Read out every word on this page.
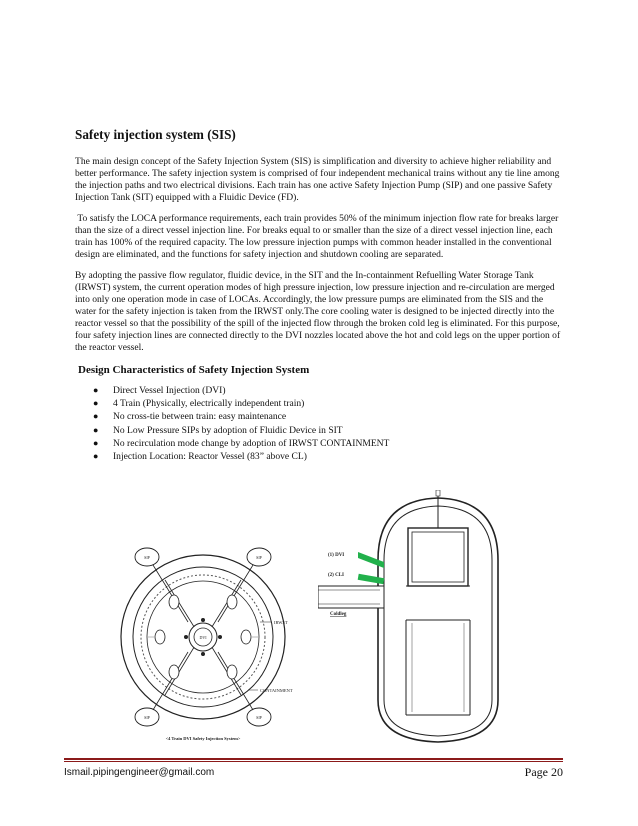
Safety injection system (SIS)

The main design concept of the Safety Injection System (SIS) is simplification and diversity to achieve higher reliability and better performance. The safety injection system is comprised of four independent mechanical trains without any tie line among the injection paths and two electrical divisions. Each train has one active Safety Injection Pump (SIP) and one passive Safety Injection Tank (SIT) equipped with a Fluidic Device (FD).

To satisfy the LOCA performance requirements, each train provides 50% of the minimum injection flow rate for breaks larger than the size of a direct vessel injection line. For breaks equal to or smaller than the size of a direct vessel injection line, each train has 100% of the required capacity. The low pressure injection pumps with common header installed in the conventional design are eliminated, and the functions for safety injection and shutdown cooling are separated.

By adopting the passive flow regulator, fluidic device, in the SIT and the In-containment Refuelling Water Storage Tank (IRWST) system, the current operation modes of high pressure injection, low pressure injection and re-circulation are merged into only one operation mode in case of LOCAs. Accordingly, the low pressure pumps are eliminated from the SIS and the water for the safety injection is taken from the IRWST only.The core cooling water is designed to be injected directly into the reactor vessel so that the possibility of the spill of the injected flow through the broken cold leg is eliminated. For this purpose, four safety injection lines are connected directly to the DVI nozzles located above the hot and cold legs on the upper portion of the reactor vessel.

Design Characteristics of Safety Injection System
● Direct Vessel Injection (DVI)
● 4 Train (Physically, electrically independent train)
● No cross-tie between train: easy maintenance
● No Low Pressure SIPs by adoption of Fluidic Device in SIT
● No recirculation mode change by adoption of IRWST CONTAINMENT
● Injection Location: Reactor Vessel (83” above CL)
SIP	SIP
SIP	SIP
DVI
IRWST
CONTAINMENT
<4 Train DVI Safety Injection System>
(1) DVI
(2) CLI
Coldleg
Ismail.pipingengineer@gmail.com	Page 20
